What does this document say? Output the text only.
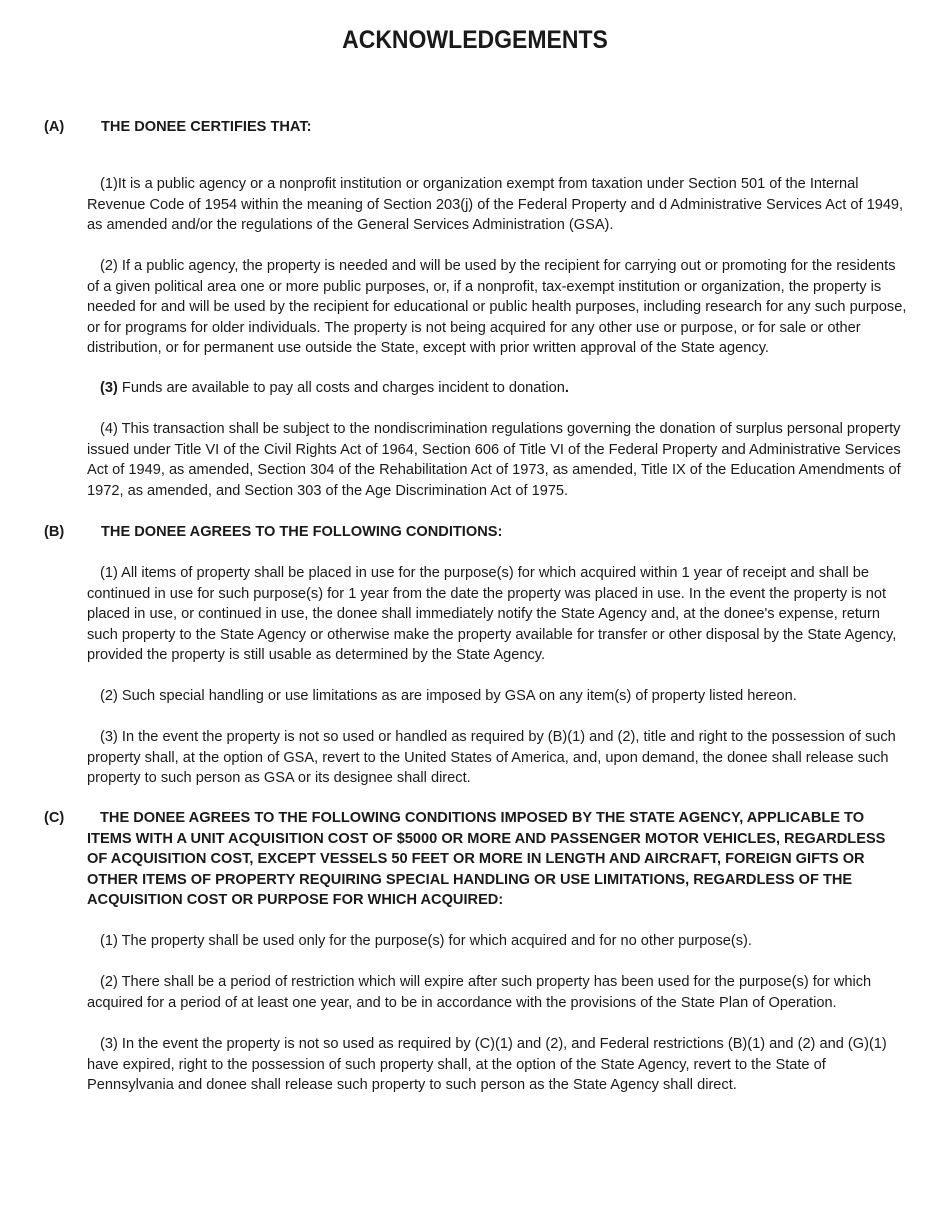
ACKNOWLEDGEMENTS
(A)	THE DONEE CERTIFIES THAT:

(1)It is a public agency or a nonprofit institution or organization exempt from taxation under Section 501 of the Internal Revenue Code of 1954 within the meaning of Section 203(j) of the Federal Property and d Administrative Services Act of 1949, as amended and/or the regulations of the General Services Administration (GSA).

(2) If a public agency, the property is needed and will be used by the recipient for carrying out or promoting for the residents of a given political area one or more public purposes, or, if a nonprofit, tax-exempt institution or organization, the property is needed for and will be used by the recipient for educational or public health purposes, including research for any such purpose, or for programs for older individuals. The property is not being acquired for any other use or purpose, or for sale or other distribution, or for permanent use outside the State, except with prior written approval of the State agency.

(3) Funds are available to pay all costs and charges incident to donation.

(4) This transaction shall be subject to the nondiscrimination regulations governing the donation of surplus personal property issued under Title VI of the Civil Rights Act of 1964, Section 606 of Title VI of the Federal Property and Administrative Services Act of 1949, as amended, Section 304 of the Rehabilitation Act of 1973, as amended, Title IX of the Education Amendments of 1972, as amended, and Section 303 of the Age Discrimination Act of 1975.

(B)	THE DONEE AGREES TO THE FOLLOWING CONDITIONS:

(1) All items of property shall be placed in use for the purpose(s) for which acquired within 1 year of receipt and shall be continued in use for such purpose(s) for 1 year from the date the property was placed in use. In the event the property is not placed in use, or continued in use, the donee shall immediately notify the State Agency and, at the donee's expense, return such property to the State Agency or otherwise make the property available for transfer or other disposal by the State Agency, provided the property is still usable as determined by the State Agency.

(2) Such special handling or use limitations as are imposed by GSA on any item(s) of property listed hereon.

(3) In the event the property is not so used or handled as required by (B)(1) and (2), title and right to the possession of such property shall, at the option of GSA, revert to the United States of America, and, upon demand, the donee shall release such property to such person as GSA or its designee shall direct.

(C)	THE DONEE AGREES TO THE FOLLOWING CONDITIONS IMPOSED BY THE STATE AGENCY, APPLICABLE TO ITEMS WITH A UNIT ACQUISITION COST OF $5000 OR MORE AND PASSENGER MOTOR VEHICLES, REGARDLESS OF ACQUISITION COST, EXCEPT VESSELS 50 FEET OR MORE IN LENGTH AND AIRCRAFT, FOREIGN GIFTS OR OTHER ITEMS OF PROPERTY REQUIRING SPECIAL HANDLING OR USE LIMITATIONS, REGARDLESS OF THE ACQUISITION COST OR PURPOSE FOR WHICH ACQUIRED:

(1) The property shall be used only for the purpose(s) for which acquired and for no other purpose(s).

(2) There shall be a period of restriction which will expire after such property has been used for the purpose(s) for which acquired for a period of at least one year, and to be in accordance with the provisions of the State Plan of Operation.

(3) In the event the property is not so used as required by (C)(1) and (2), and Federal restrictions (B)(1) and (2) and (G)(1) have expired, right to the possession of such property shall, at the option of the State Agency, revert to the State of Pennsylvania and donee shall release such property to such person as the State Agency shall direct.
